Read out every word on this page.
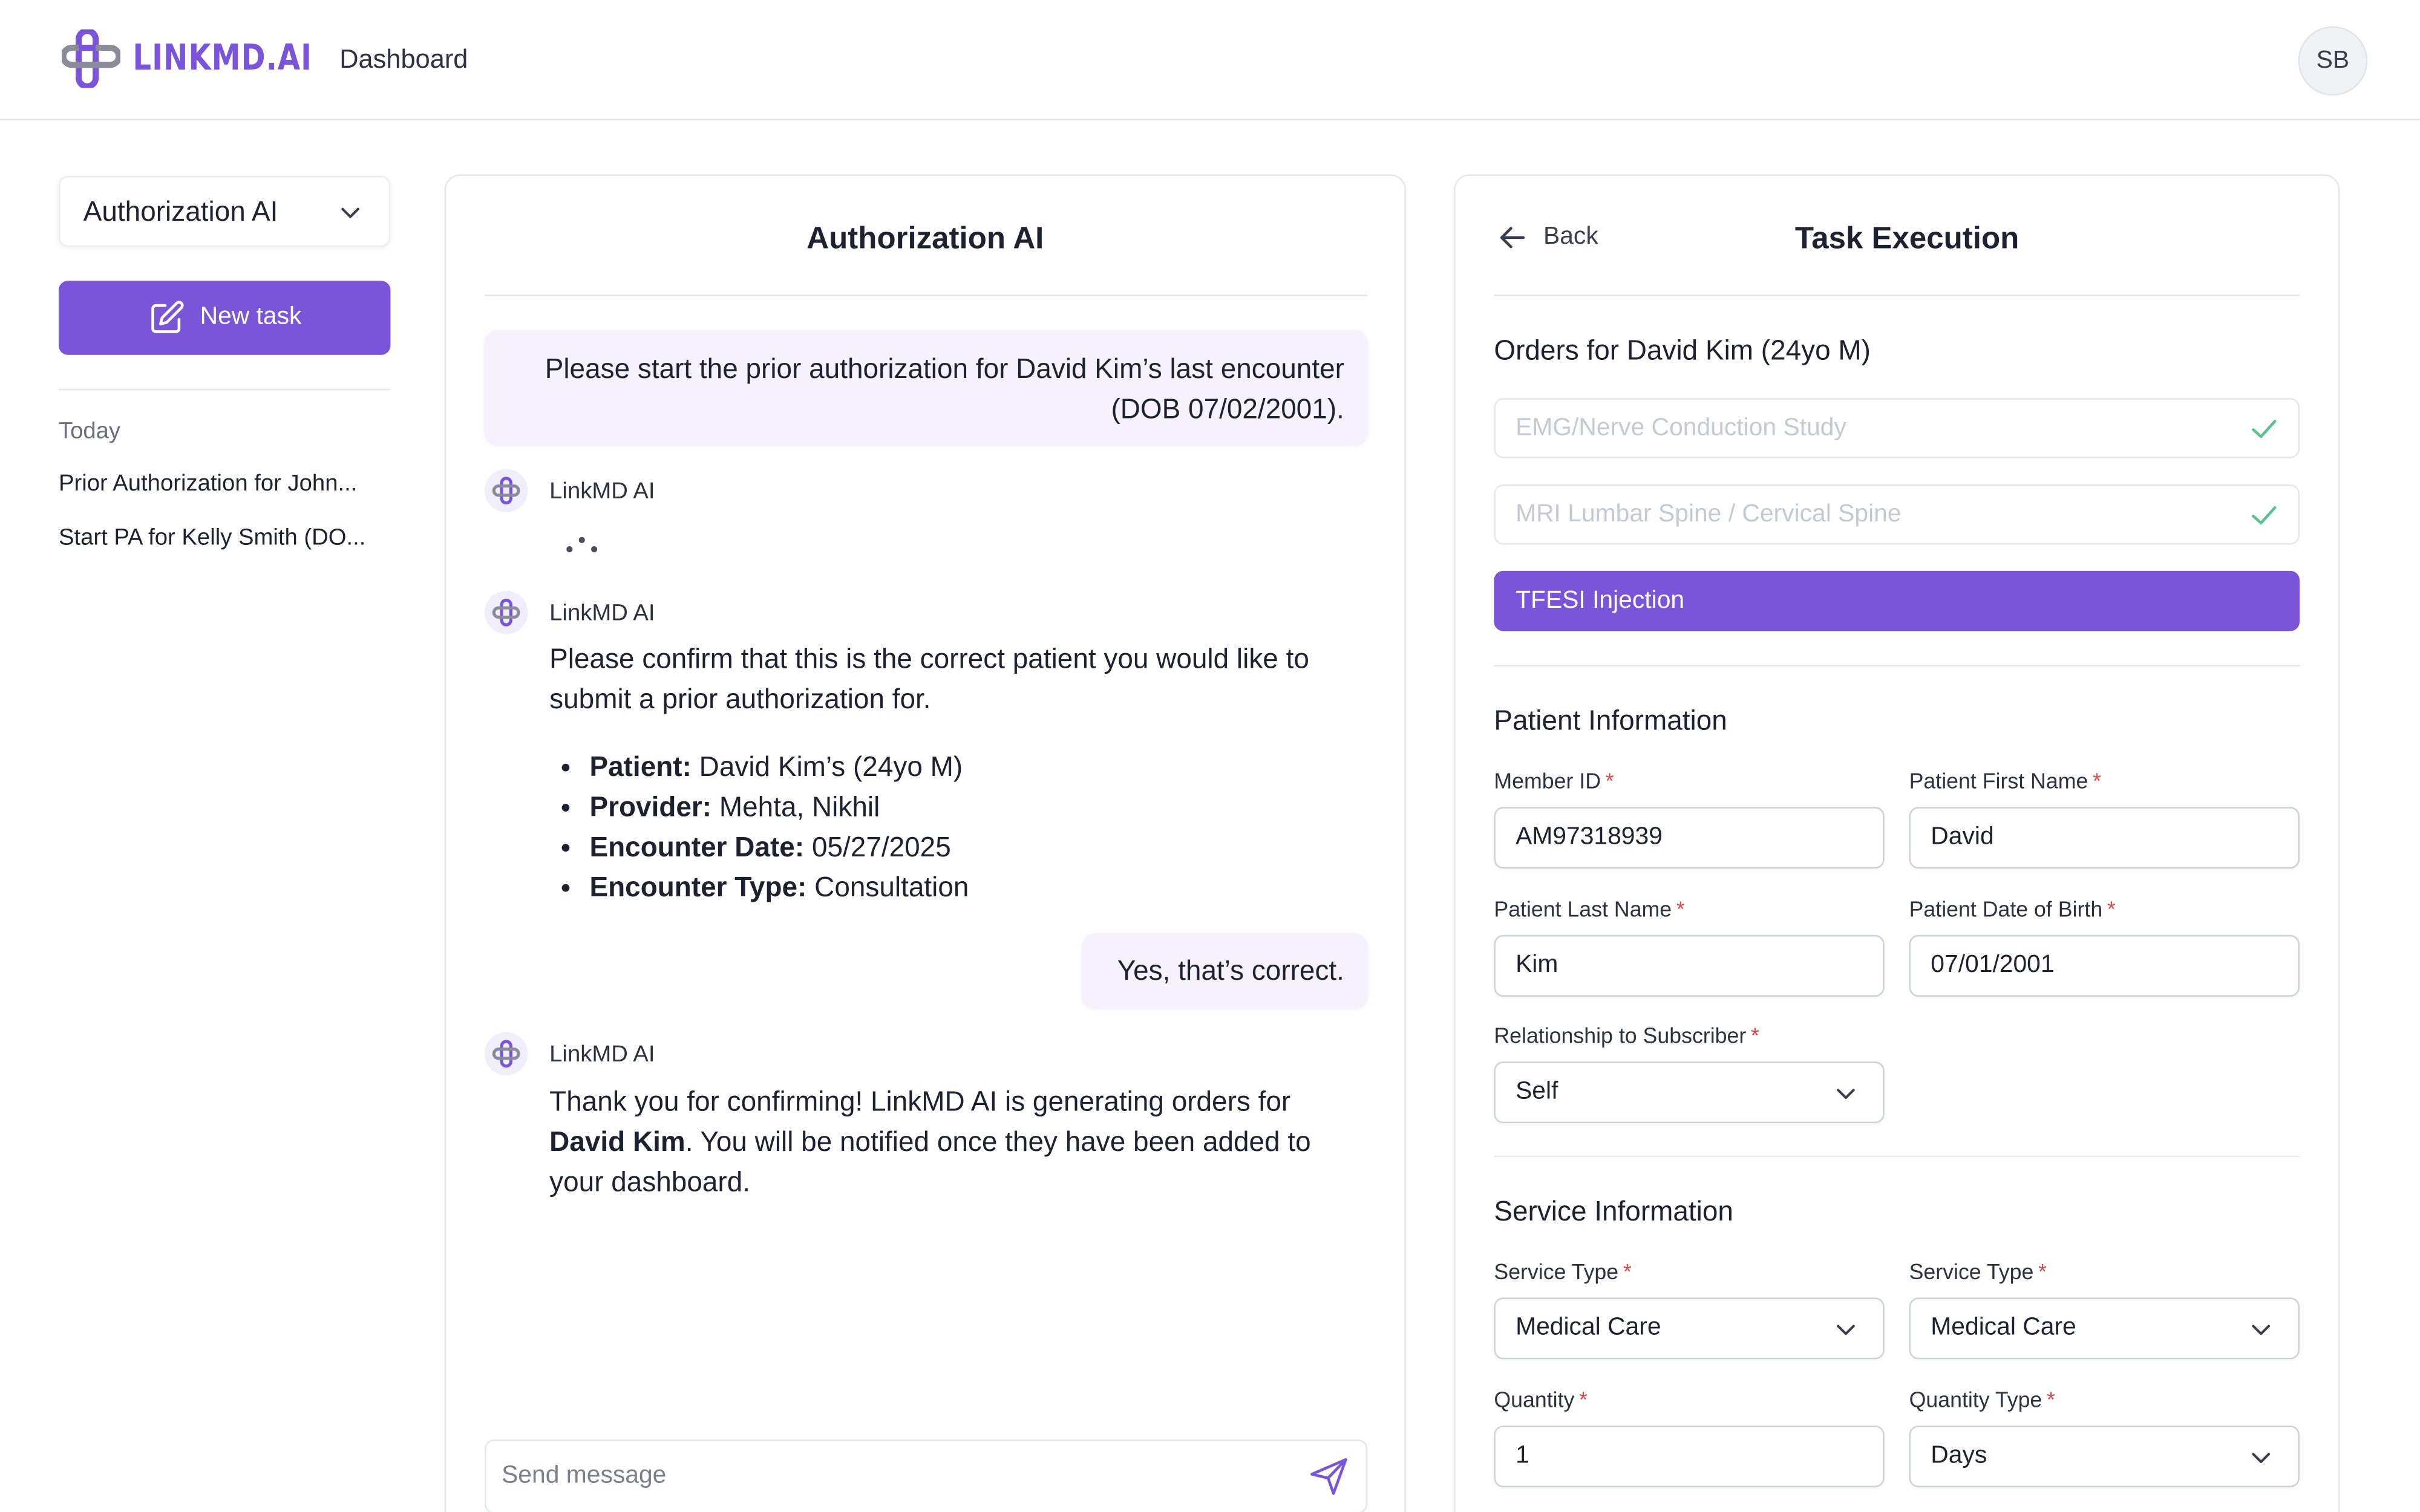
LINKMD.AI	Dashboard	SB
Authorization AI
New task
Today
Prior Authorization for John...
Start PA for Kelly Smith (DO...
Authorization AI
Please start the prior authorization for David Kim’s last encounter
(DOB 07/02/2001).
LinkMD AI
LinkMD AI
Please confirm that this is the correct patient you would like to submit a prior authorization for.
Patient: David Kim’s (24yo M)
Provider: Mehta, Nikhil
Encounter Date: 05/27/2025
Encounter Type: Consultation
Yes, that’s correct.
LinkMD AI
Thank you for confirming! LinkMD AI is generating orders for David Kim. You will be notified once they have been added to your dashboard.
Send message
Back	Task Execution
Orders for David Kim (24yo M)
EMG/Nerve Conduction Study
MRI Lumbar Spine / Cervical Spine
TFESI Injection
Patient Information
Member ID *
AM97318939
Patient First Name *
David
Patient Last Name *
Kim
Patient Date of Birth *
07/01/2001
Relationship to Subscriber *
Self
Service Information
Service Type *
Medical Care
Service Type *
Medical Care
Quantity *
1
Quantity Type *
Days
